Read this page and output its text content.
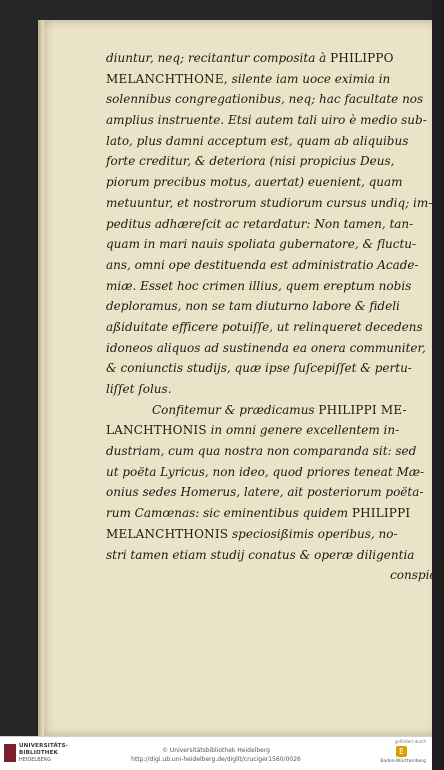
diuntur, neq; recitantur composita à PHILIPPO
MELANCHTHONE, silente iam uoce eximia in
solennibus congregationibus, neq; hac facultate nos
amplius instruente. Etsi autem tali uiro è medio sub-
lato, plus damni acceptum est, quam ab aliquibus
forte creditur, & deteriora (nisi propicius Deus,
piorum precibus motus, auertat) euenient, quam
metuuntur, et nostrorum studiorum cursus undiq; im-
peditus adhæreſcit ac retardatur: Non tamen, tan-
quam in mari nauis spoliata gubernatore, & fluctu-
ans, omni ope destituenda est administratio Acade-
miæ. Esset hoc crimen illius, quem ereptum nobis
deploramus, non se tam diuturno labore & fideli
aßiduitate efficere potuiſſe, ut relinqueret decedens
idoneos aliquos ad sustinenda ea onera communiter,
& coniunctis studijs, quæ ipse ſuſcepiſſet & pertu-
liſſet ſolus.
Confitemur & prædicamus PHILIPPI ME-
LANCHTHONIS in omni genere excellentem in-
dustriam, cum qua nostra non comparanda sit: sed
ut poëta Lyricus, non ideo, quod priores teneat Mæ-
onius sedes Homerus, latere, ait posteriorum poëta-
rum Camœnas: sic eminentibus quidem PHILIPPI
MELANCHTHONIS speciosißimis operibus, no-
stri tamen etiam studij conatus & operæ diligentia
conspici
UNIVERSITÄTS-
BIBLIOTHEK
HEIDELBERG
© Universitätsbibliothek Heidelberg
http://digi.ub.uni-heidelberg.de/diglit/cruciger1560/0026
gefördert durch
E
Baden-Württemberg
